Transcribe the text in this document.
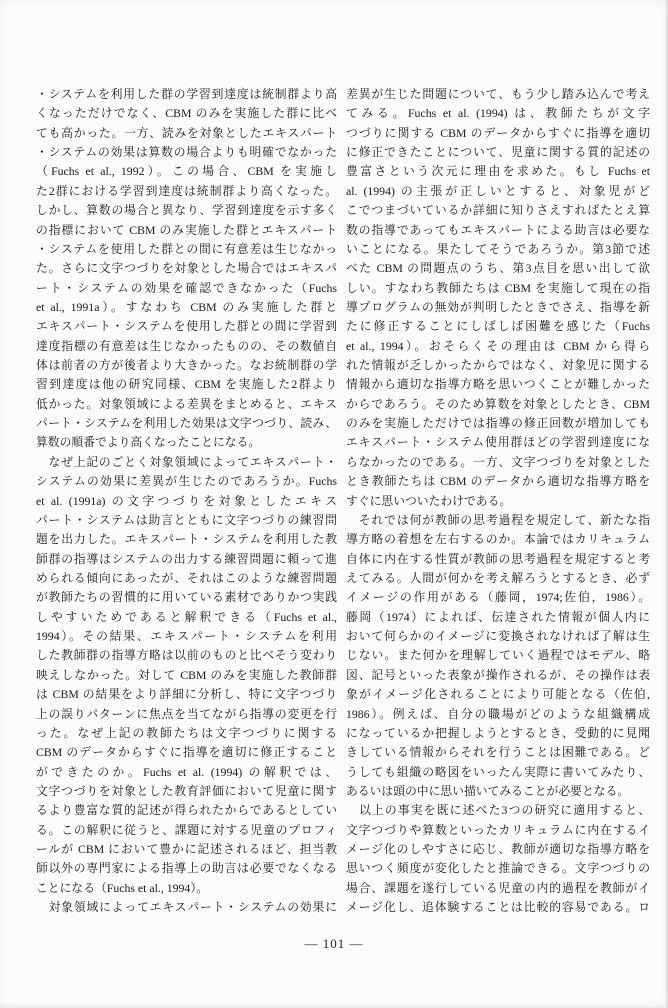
・システムを利用した群の学習到達度は統制群より高
くなっただけでなく、CBM のみを実施した群に比べ
ても高かった。一方、読みを対象としたエキスパート
・システムの効果は算数の場合よりも明確でなかった
（Fuchs et al., 1992）。この場合、CBM を実施し
た2群における学習到達度は統制群より高くなった。
しかし、算数の場合と異なり、学習到達度を示す多く
の指標において CBM のみ実施した群とエキスパート
・システムを使用した群との間に有意差は生じなかっ
た。さらに文字つづりを対象とした場合ではエキスパ
ート・システムの効果を確認できなかった（Fuchs
et al., 1991a）。すなわち CBM のみ実施した群と
エキスパート・システムを使用した群との間に学習到
達度指標の有意差は生じなかったものの、その数値自
体は前者の方が後者より大きかった。なお統制群の学
習到達度は他の研究同様、CBM を実施した2群より
低かった。対象領域による差異をまとめると、エキス
パート・システムを利用した効果は文字つづり、読み、
算数の順番でより高くなったことになる。
　なぜ上記のごとく対象領域によってエキスパート・
システムの効果に差異が生じたのであろうか。Fuchs
et al. (1991a) の文字つづりを対象としたエキス
パート・システムは助言とともに文字つづりの練習問
題を出力した。エキスパート・システムを利用した教
師群の指導はシステムの出力する練習問題に頼って進
められる傾向にあったが、それはこのような練習問題
が教師たちの習慣的に用いている素材でありかつ実践
しやすいためであると解釈できる（Fuchs et al.,
1994）。その結果、エキスパート・システムを利用
した教師群の指導方略は以前のものと比べそう変わり
映えしなかった。対して CBM のみを実施した教師群
は CBM の結果をより詳細に分析し、特に文字つづり
上の誤りパターンに焦点を当てながら指導の変更を行
った。なぜ上記の教師たちは文字つづりに関する
CBM のデータからすぐに指導を適切に修正すること
ができたのか。Fuchs et al. (1994) の解釈では、
文字つづりを対象とした教育評価において児童に関す
るより豊富な質的記述が得られたからであるとしてい
る。この解釈に従うと、課題に対する児童のプロフィ
ールが CBM において豊かに記述されるほど、担当教
師以外の専門家による指導上の助言は必要でなくなる
ことになる（Fuchs et al., 1994）。
　対象領域によってエキスパート・システムの効果に
差異が生じた問題について、もう少し踏み込んで考え
てみる。Fuchs et al. (1994) は、教師たちが文字
つづりに関する CBM のデータからすぐに指導を適切
に修正できたことについて、児童に関する質的記述の
豊富さという次元に理由を求めた。もし Fuchs et
al. (1994) の主張が正しいとすると、対象児がど
こでつまづいているか詳細に知りさえすればたとえ算
数の指導であってもエキスパートによる助言は必要な
いことになる。果たしてそうであろうか。第3節で述
べた CBM の問題点のうち、第3点目を思い出して欲
しい。すなわち教師たちは CBM を実施して現在の指
導プログラムの無効が判明したときでさえ、指導を新
たに修正することにしばしば困難を感じた（Fuchs
et al., 1994）。おそらくその理由は CBM から得ら
れた情報が乏しかったからではなく、対象児に関する
情報から適切な指導方略を思いつくことが難しかった
からであろう。そのため算数を対象としたとき、CBM
のみを実施しただけでは指導の修正回数が増加しても
エキスパート・システム使用群ほどの学習到達度にな
らなかったのである。一方、文字つづりを対象とした
とき教師たちは CBM のデータから適切な指導方略を
すぐに思いついたわけである。
　それでは何が教師の思考過程を規定して、新たな指
導方略の着想を左右するのか。本論ではカリキュラム
自体に内在する性質が教師の思考過程を規定すると考
えてみる。人間が何かを考え解ろうとするとき、必ず
イメージの作用がある（藤岡，1974;佐伯，1986）。
藤岡（1974）によれば、伝達された情報が個人内に
おいて何らかのイメージに変換されなければ了解は生
じない。また何かを理解していく過程ではモデル、略
図、記号といった表象が操作されるが、その操作は表
象がイメージ化されることにより可能となる（佐伯,
1986）。例えば、自分の職場がどのような組織構成
になっているか把握しようとするとき、受動的に見聞
きしている情報からそれを行うことは困難である。ど
うしても組織の略図をいったん実際に書いてみたり、
あるいは頭の中に思い描いてみることが必要となる。
　以上の事実を既に述べた3つの研究に適用すると、
文字つづりや算数といったカリキュラムに内在するイ
メージ化のしやすさに応じ、教師が適切な指導方略を
思いつく頻度が変化したと推論できる。文字つづりの
場合、課題を遂行している児童の内的過程を教師がイ
メージ化し、追体験することは比較的容易である。ロ
— 101 —
